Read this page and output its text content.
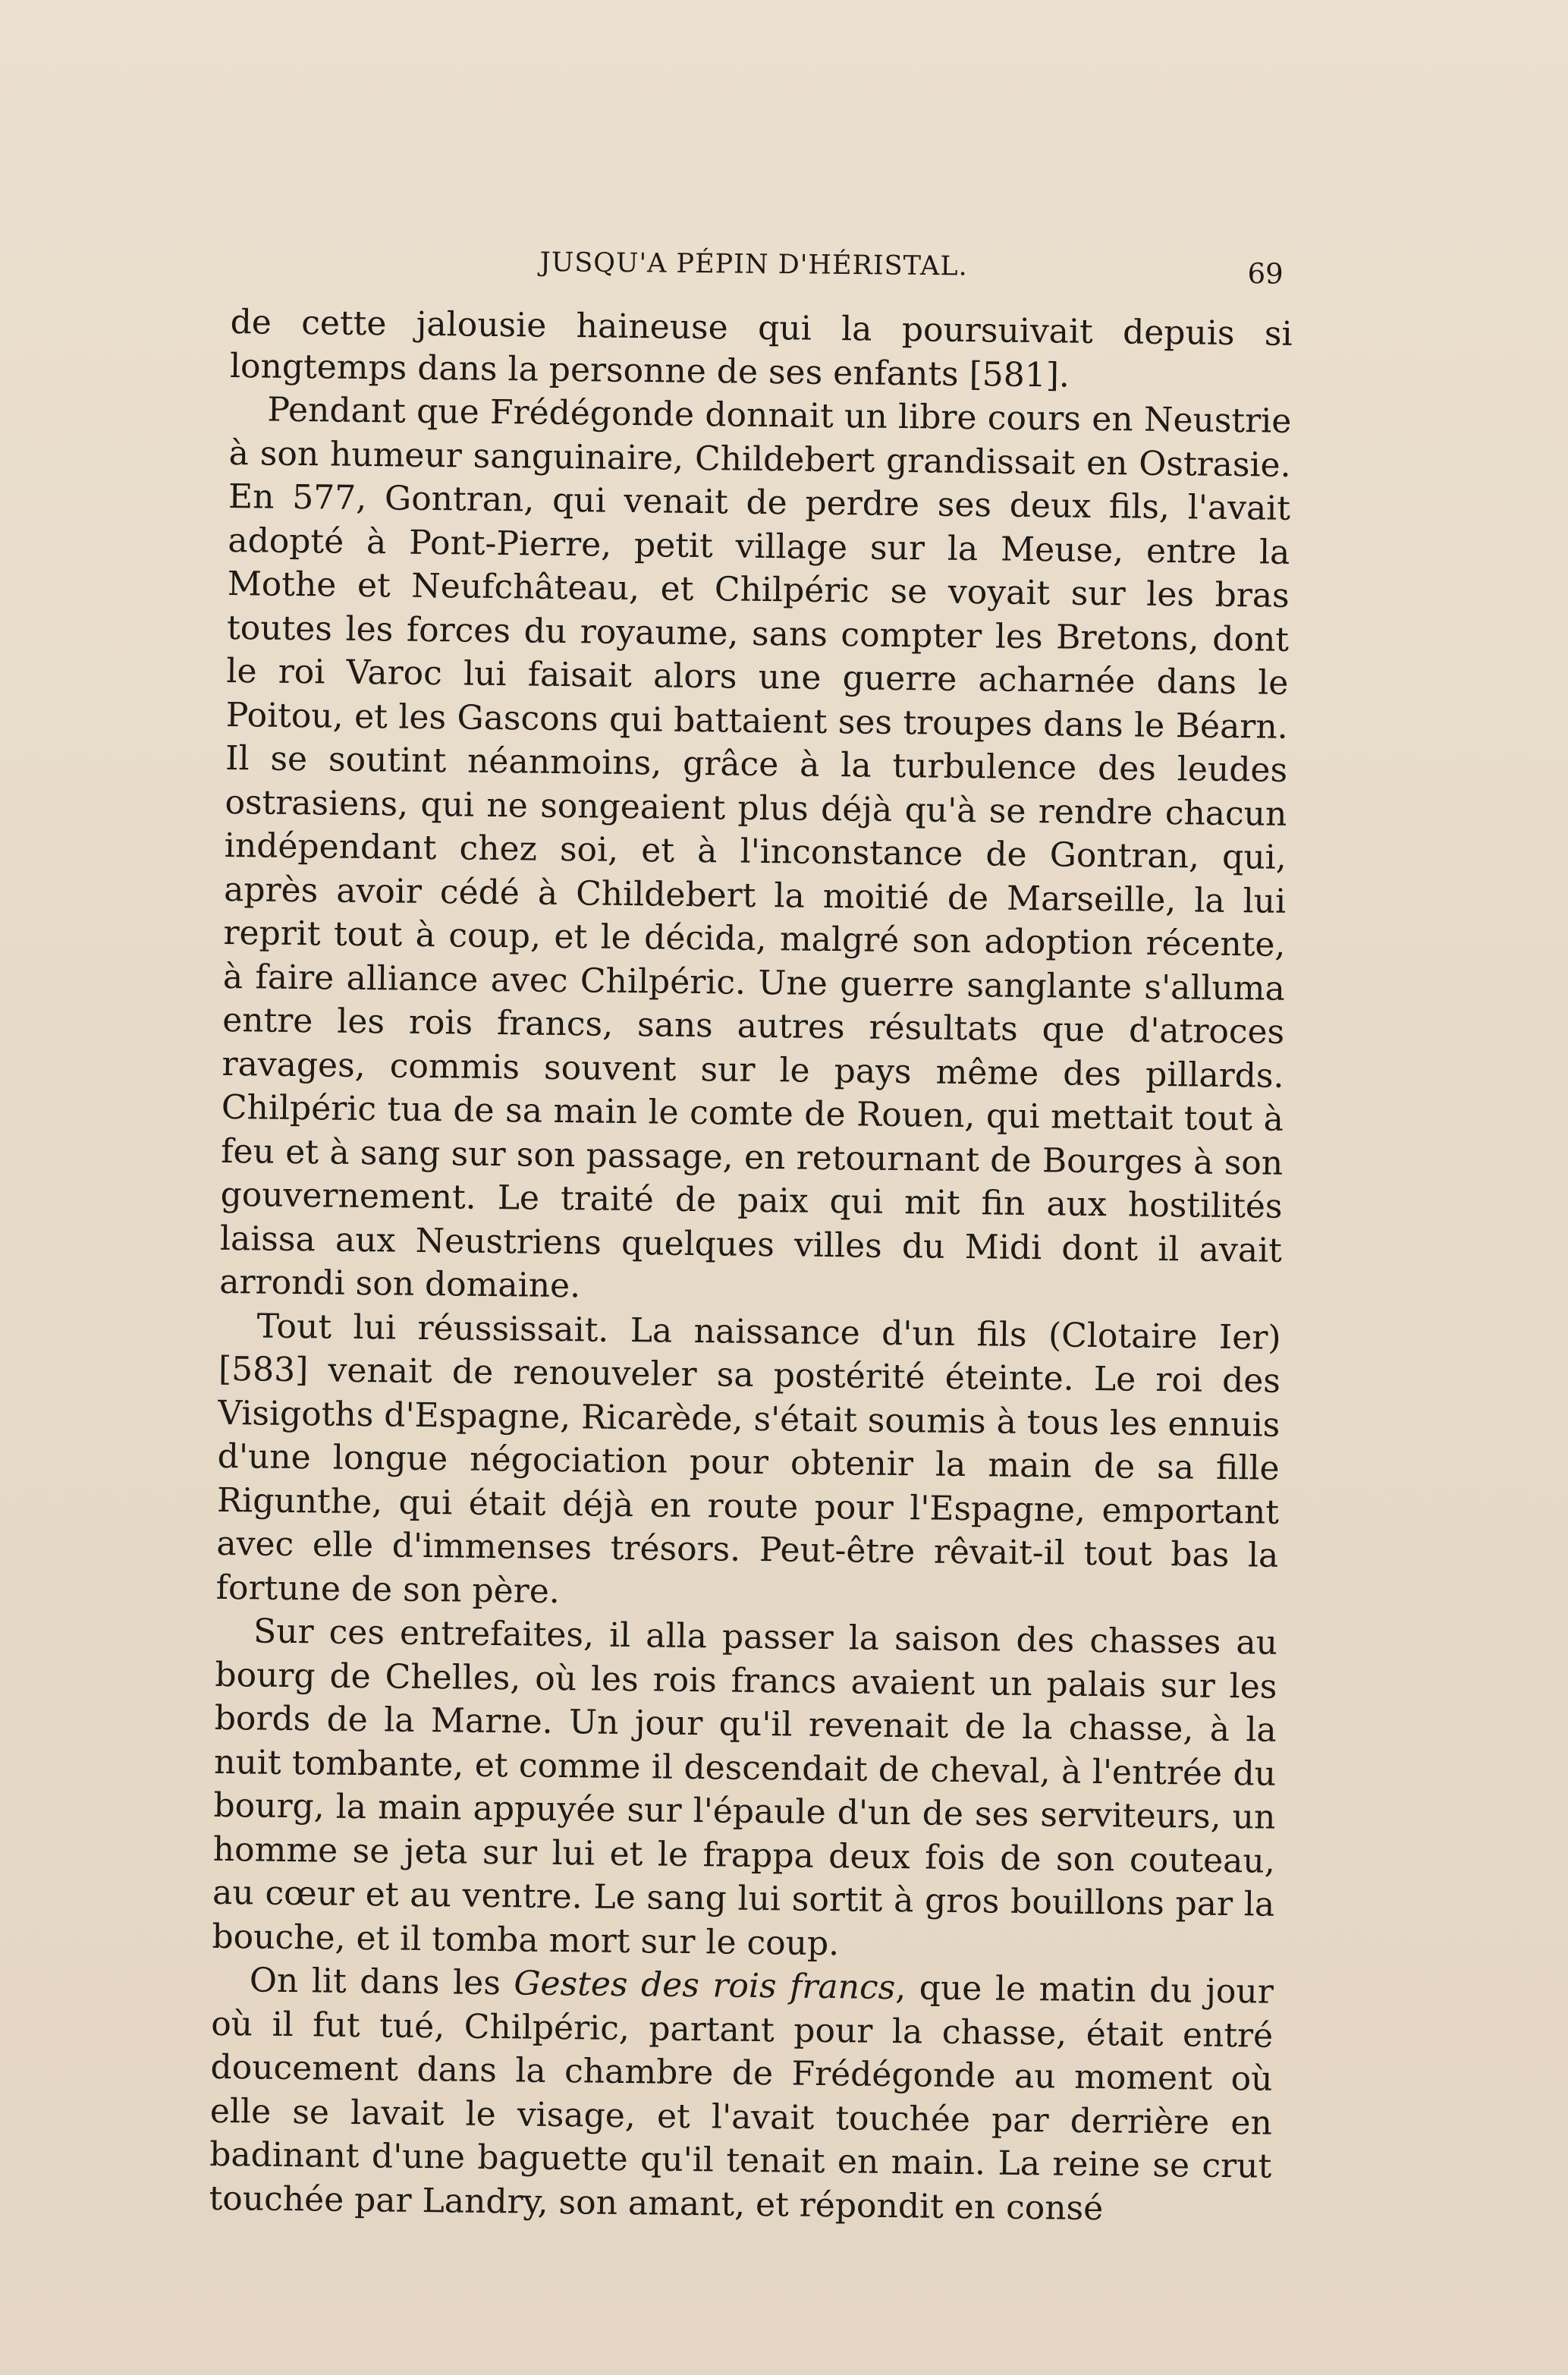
JUSQU'A PÉPIN D'HÉRISTAL.	69

de cette jalousie haineuse qui la poursuivait depuis si longtemps dans la personne de ses enfants [581].

Pendant que Frédégonde donnait un libre cours en Neustrie à son humeur sanguinaire, Childebert grandissait en Ostrasie. En 577, Gontran, qui venait de perdre ses deux fils, l'avait adopté à Pont-Pierre, petit village sur la Meuse, entre la Mothe et Neufchâteau, et Chilpéric se voyait sur les bras toutes les forces du royaume, sans compter les Bretons, dont le roi Varoc lui faisait alors une guerre acharnée dans le Poitou, et les Gascons qui battaient ses troupes dans le Béarn. Il se soutint néanmoins, grâce à la turbulence des leudes ostrasiens, qui ne songeaient plus déjà qu'à se rendre chacun indépendant chez soi, et à l'inconstance de Gontran, qui, après avoir cédé à Childebert la moitié de Marseille, la lui reprit tout à coup, et le décida, malgré son adoption récente, à faire alliance avec Chilpéric. Une guerre sanglante s'alluma entre les rois francs, sans autres résultats que d'atroces ravages, commis souvent sur le pays même des pillards. Chilpéric tua de sa main le comte de Rouen, qui mettait tout à feu et à sang sur son passage, en retournant de Bourges à son gouvernement. Le traité de paix qui mit fin aux hostilités laissa aux Neustriens quelques villes du Midi dont il avait arrondi son domaine.

Tout lui réussissait. La naissance d'un fils (Clotaire Ier) [583] venait de renouveler sa postérité éteinte. Le roi des Visigoths d'Espagne, Ricarède, s'était soumis à tous les ennuis d'une longue négociation pour obtenir la main de sa fille Rigunthe, qui était déjà en route pour l'Espagne, emportant avec elle d'immenses trésors. Peut-être rêvait-il tout bas la fortune de son père.

Sur ces entrefaites, il alla passer la saison des chasses au bourg de Chelles, où les rois francs avaient un palais sur les bords de la Marne. Un jour qu'il revenait de la chasse, à la nuit tombante, et comme il descendait de cheval, à l'entrée du bourg, la main appuyée sur l'épaule d'un de ses serviteurs, un homme se jeta sur lui et le frappa deux fois de son couteau, au cœur et au ventre. Le sang lui sortit à gros bouillons par la bouche, et il tomba mort sur le coup.

On lit dans les Gestes des rois francs, que le matin du jour où il fut tué, Chilpéric, partant pour la chasse, était entré doucement dans la chambre de Frédégonde au moment où elle se lavait le visage, et l'avait touchée par derrière en badinant d'une baguette qu'il tenait en main. La reine se crut touchée par Landry, son amant, et répondit en consé
